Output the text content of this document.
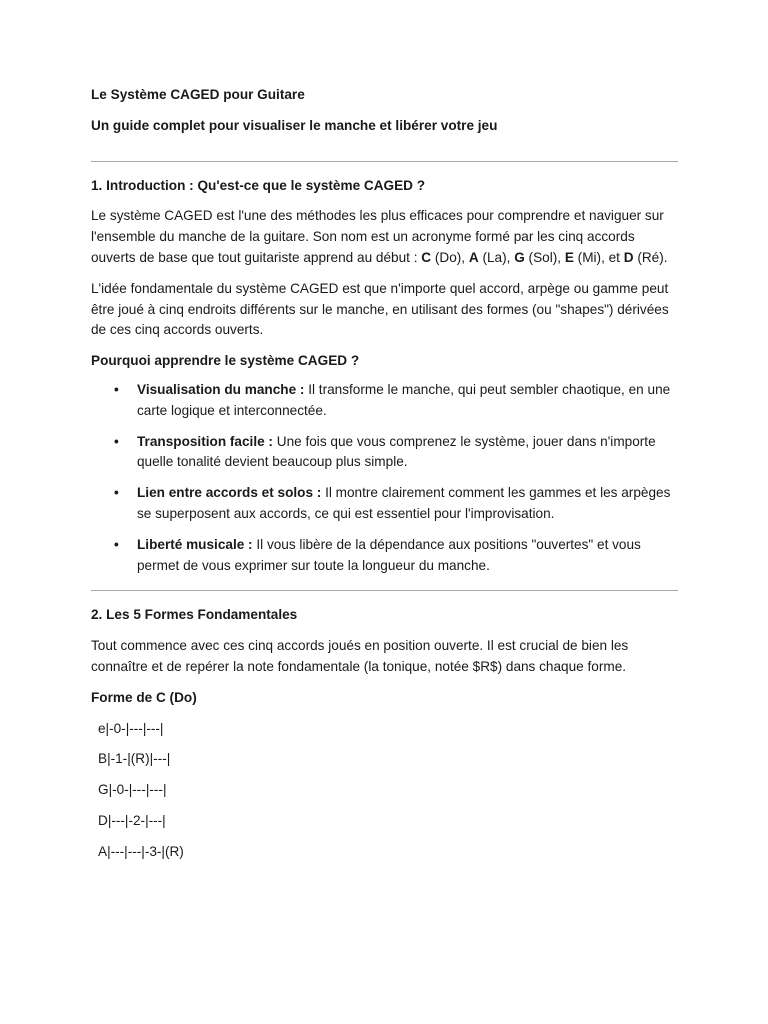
Le Système CAGED pour Guitare

Un guide complet pour visualiser le manche et libérer votre jeu

1. Introduction : Qu'est-ce que le système CAGED ?

Le système CAGED est l'une des méthodes les plus efficaces pour comprendre et naviguer sur l'ensemble du manche de la guitare. Son nom est un acronyme formé par les cinq accords ouverts de base que tout guitariste apprend au début : C (Do), A (La), G (Sol), E (Mi), et D (Ré).

L'idée fondamentale du système CAGED est que n'importe quel accord, arpège ou gamme peut être joué à cinq endroits différents sur le manche, en utilisant des formes (ou "shapes") dérivées de ces cinq accords ouverts.

Pourquoi apprendre le système CAGED ?

• Visualisation du manche : Il transforme le manche, qui peut sembler chaotique, en une carte logique et interconnectée.
• Transposition facile : Une fois que vous comprenez le système, jouer dans n'importe quelle tonalité devient beaucoup plus simple.
• Lien entre accords et solos : Il montre clairement comment les gammes et les arpèges se superposent aux accords, ce qui est essentiel pour l'improvisation.
• Liberté musicale : Il vous libère de la dépendance aux positions "ouvertes" et vous permet de vous exprimer sur toute la longueur du manche.
2. Les 5 Formes Fondamentales

Tout commence avec ces cinq accords joués en position ouverte. Il est crucial de bien les connaître et de repérer la note fondamentale (la tonique, notée $R$) dans chaque forme.

Forme de C (Do)

e|-0-|---|---|
B|-1-|(R)|---|
G|-0-|---|---|
D|---|-2-|---|
A|---|---|-3-|(R)
